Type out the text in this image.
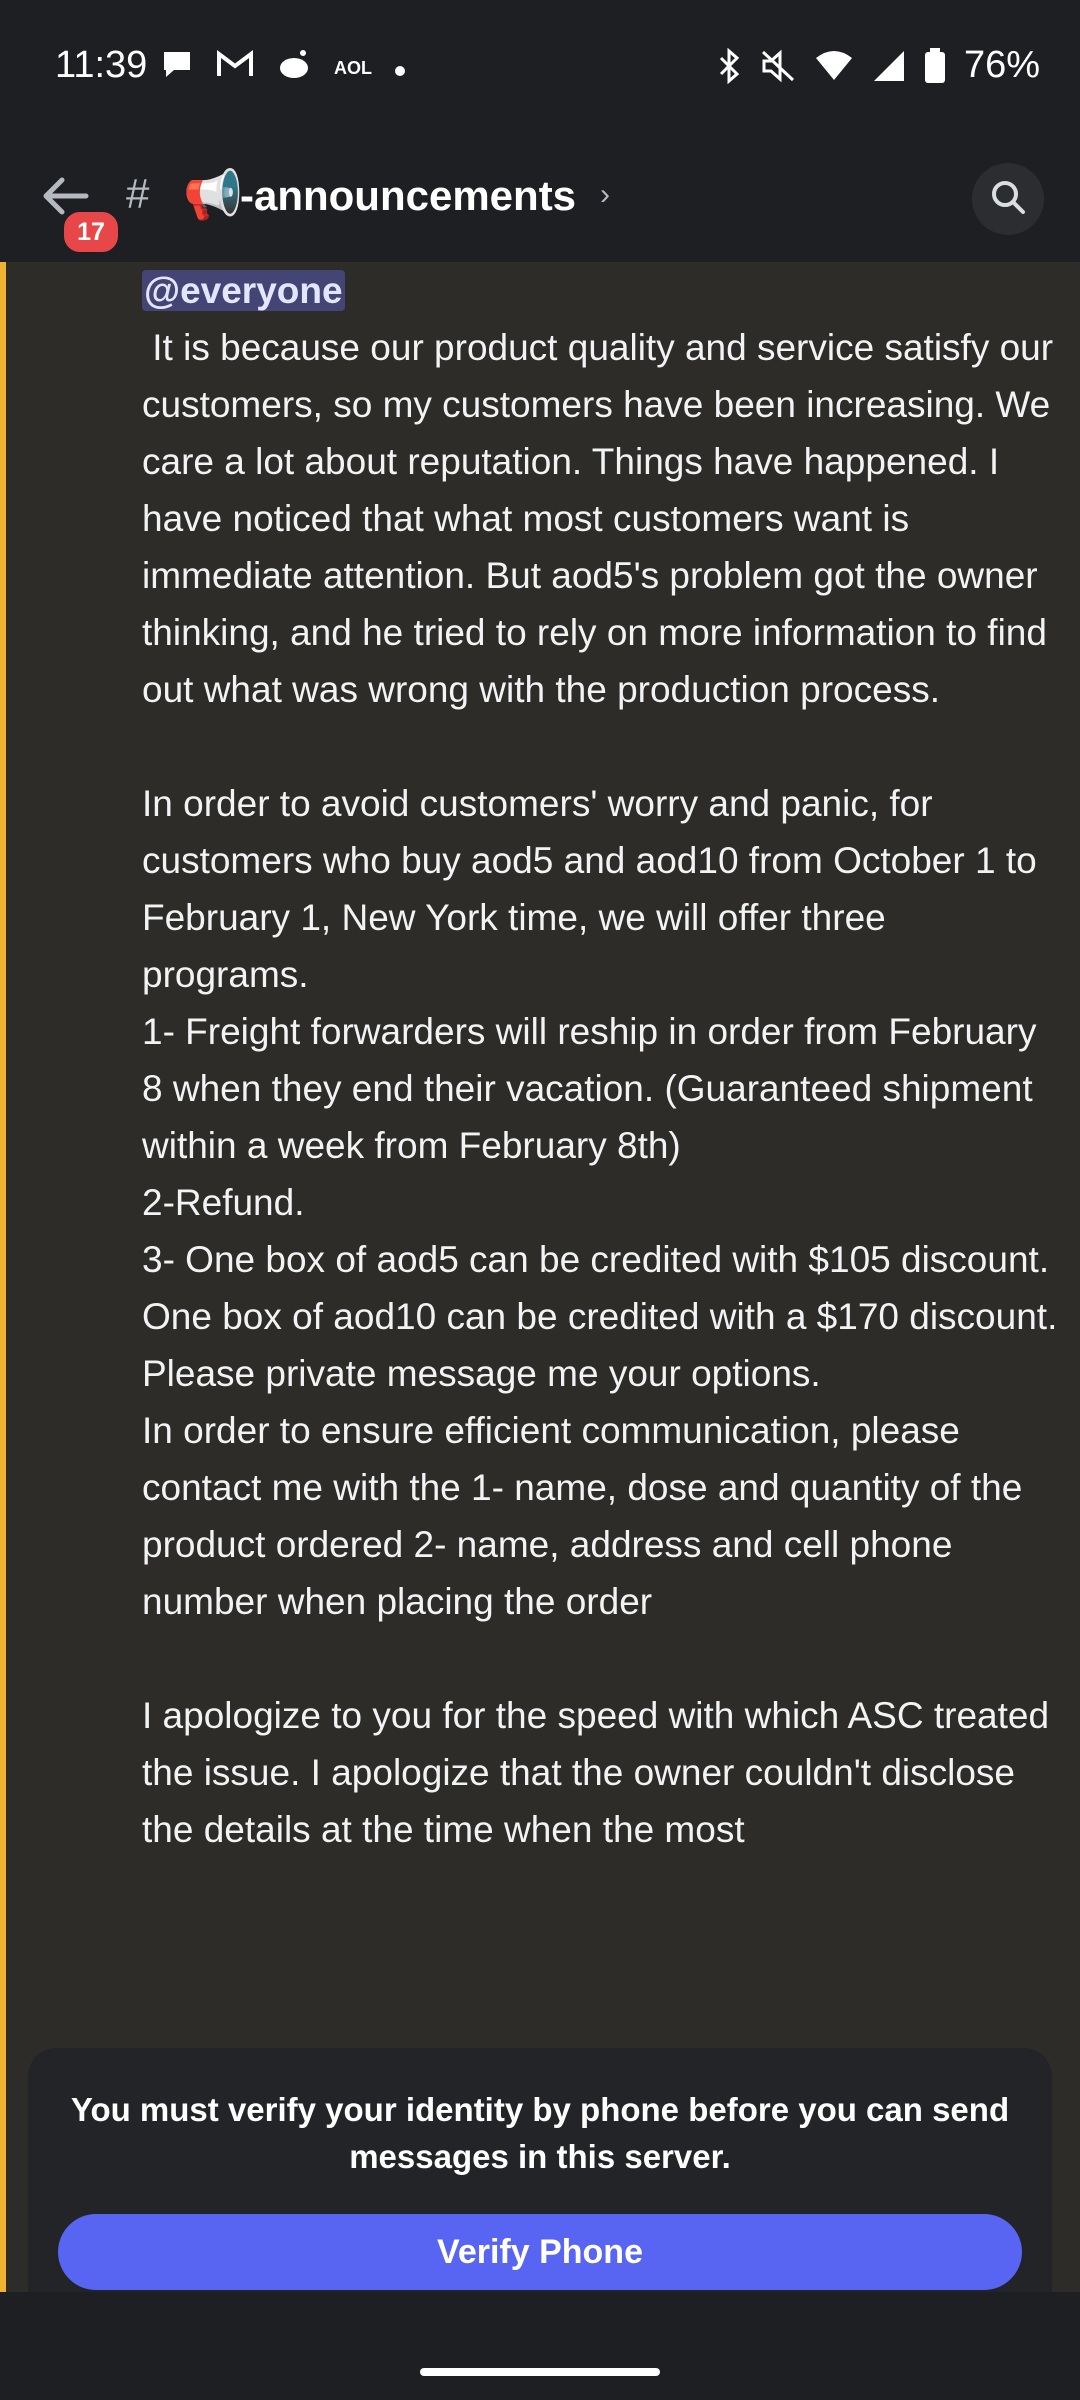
11:39	AOL	76%
17
# 📢
-announcements ›
@everyone
It is because our product quality and service satisfy our customers, so my customers have been increasing. We care a lot about reputation. Things have happened. I have noticed that what most customers want is immediate attention. But aod5's problem got the owner thinking, and he tried to rely on more information to find out what was wrong with the production process.

In order to avoid customers' worry and panic, for customers who buy aod5 and aod10 from October 1 to February 1, New York time, we will offer three programs.
1- Freight forwarders will reship in order from February 8 when they end their vacation. (Guaranteed shipment within a week from February 8th)
2-Refund.
3- One box of aod5 can be credited with $105 discount.
One box of aod10 can be credited with a $170 discount.
Please private message me your options.
In order to ensure efficient communication, please contact me with the 1- name, dose and quantity of the product ordered 2- name, address and cell phone number when placing the order

I apologize to you for the speed with which ASC treated the issue. I apologize that the owner couldn't disclose the details at the time when the most
You must verify your identity by phone before you can send messages in this server.
Verify Phone
